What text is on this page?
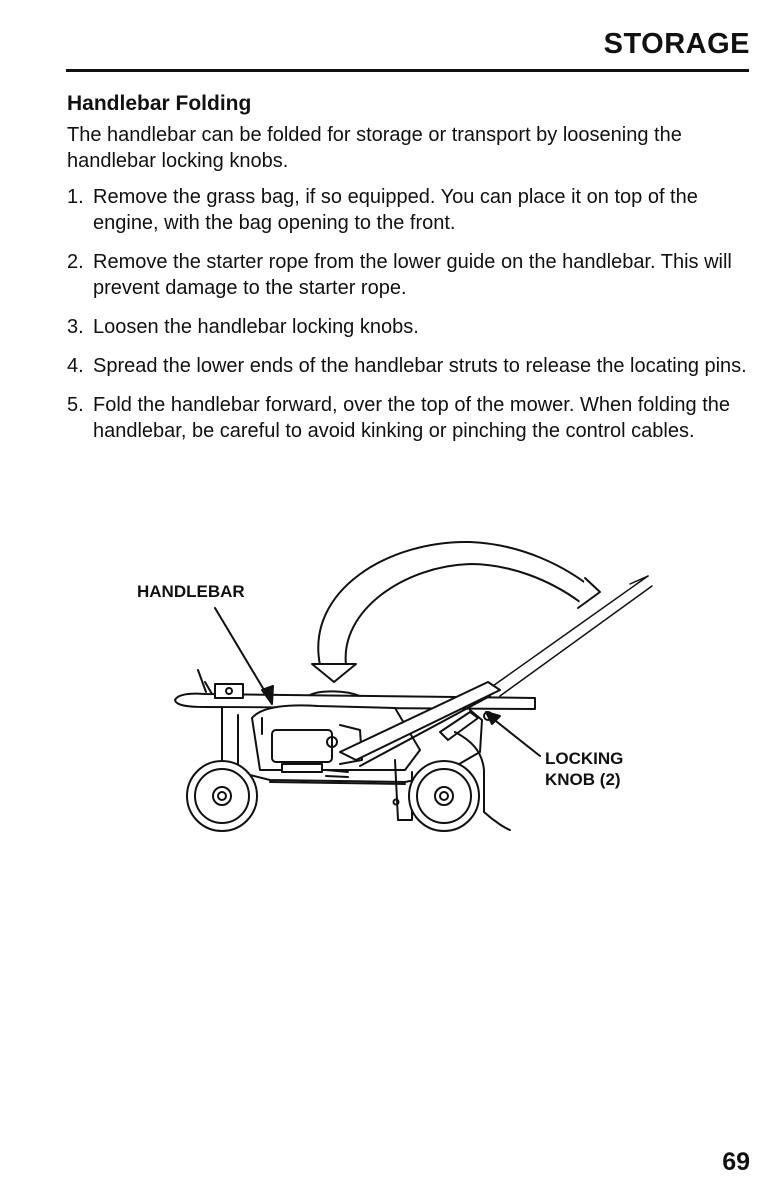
STORAGE
Handlebar Folding
The handlebar can be folded for storage or transport by loosening the handlebar locking knobs.
1. Remove the grass bag, if so equipped. You can place it on top of the engine, with the bag opening to the front.
2. Remove the starter rope from the lower guide on the handlebar. This will prevent damage to the starter rope.
3. Loosen the handlebar locking knobs.
4. Spread the lower ends of the handlebar struts to release the locating pins.
5. Fold the handlebar forward, over the top of the mower. When folding the handlebar, be careful to avoid kinking or pinching the control cables.
HANDLEBAR
LOCKING
KNOB (2)
69
